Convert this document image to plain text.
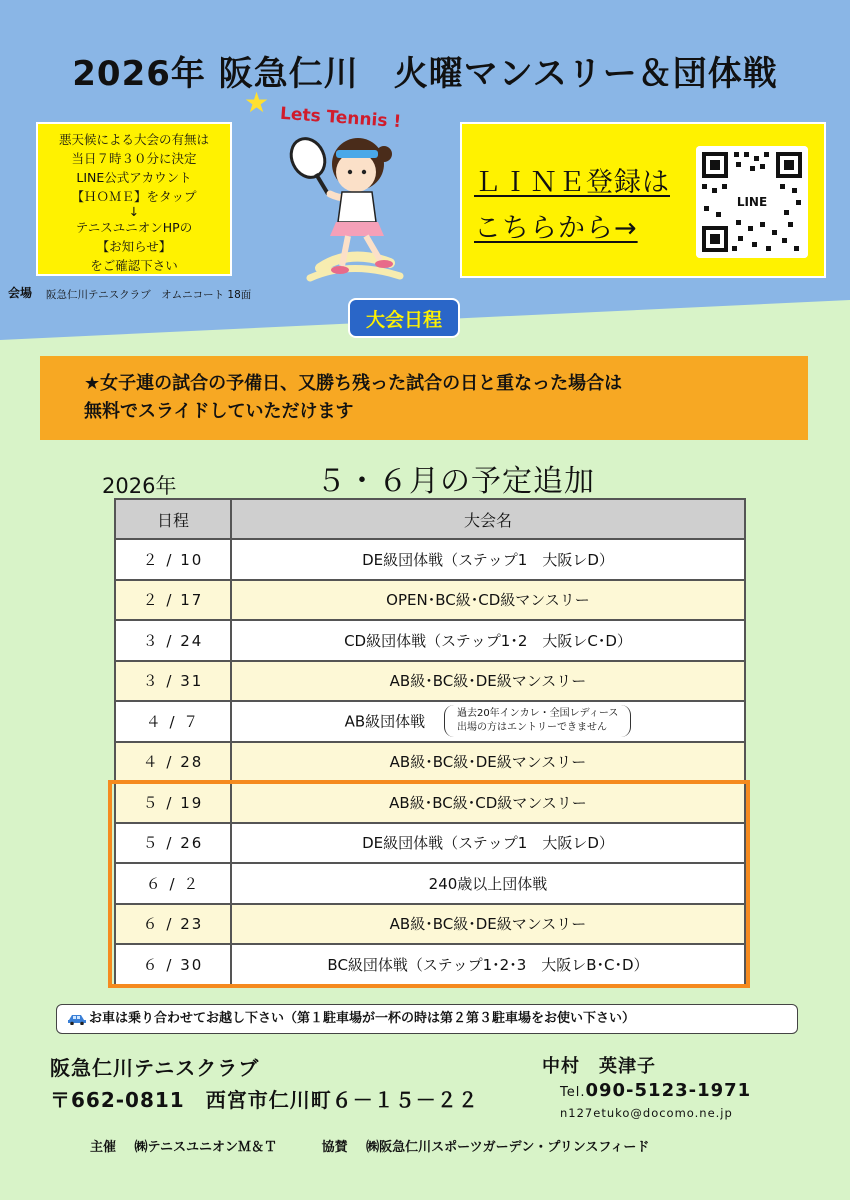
2026年 阪急仁川　火曜マンスリー＆団体戦
悪天候による大会の有無は
当日７時３０分に決定
LINE公式アカウント
【ＨＯＭＥ】をタップ
↓
テニスユニオンHPの
【お知らせ】
をご確認下さい
会場 阪急仁川テニスクラブ　オムニコート 18面
★ Lets Tennis !
ＬＩＮＥ登録は
こちらから→
LINE
大会日程
★女子連の試合の予備日、又勝ち残った試合の日と重なった場合は
無料でスライドしていただけます
2026年	５・６月の予定追加
日程	大会名
２ / 10	DE級団体戦（ステップ1　大阪レD）
２ / 17	OPEN･BC級･CD級マンスリー
３ / 24	CD級団体戦（ステップ1･2　大阪レC･D）
３ / 31	AB級･BC級･DE級マンスリー
４ / ７	AB級団体戦 過去20年インカレ・全国レディース
出場の方はエントリーできません

４ / 28	AB級･BC級･DE級マンスリー
５ / 19	AB級･BC級･CD級マンスリー
５ / 26	DE級団体戦（ステップ1　大阪レD）
６ / ２	240歳以上団体戦
６ / 23	AB級･BC級･DE級マンスリー
６ / 30	BC級団体戦（ステップ1･2･3　大阪レB･C･D）
お車は乗り合わせてお越し下さい（第１駐車場が一杯の時は第２第３駐車場をお使い下さい）
阪急仁川テニスクラブ
〒662-0811　西宮市仁川町６－１５－２２
中村　英津子
Tel.090-5123-1971
n127etuko@docomo.ne.jp
主催 ㈱テニスユニオンＭ＆Ｔ	協賛 ㈱阪急仁川スポーツガーデン・プリンスフィード
